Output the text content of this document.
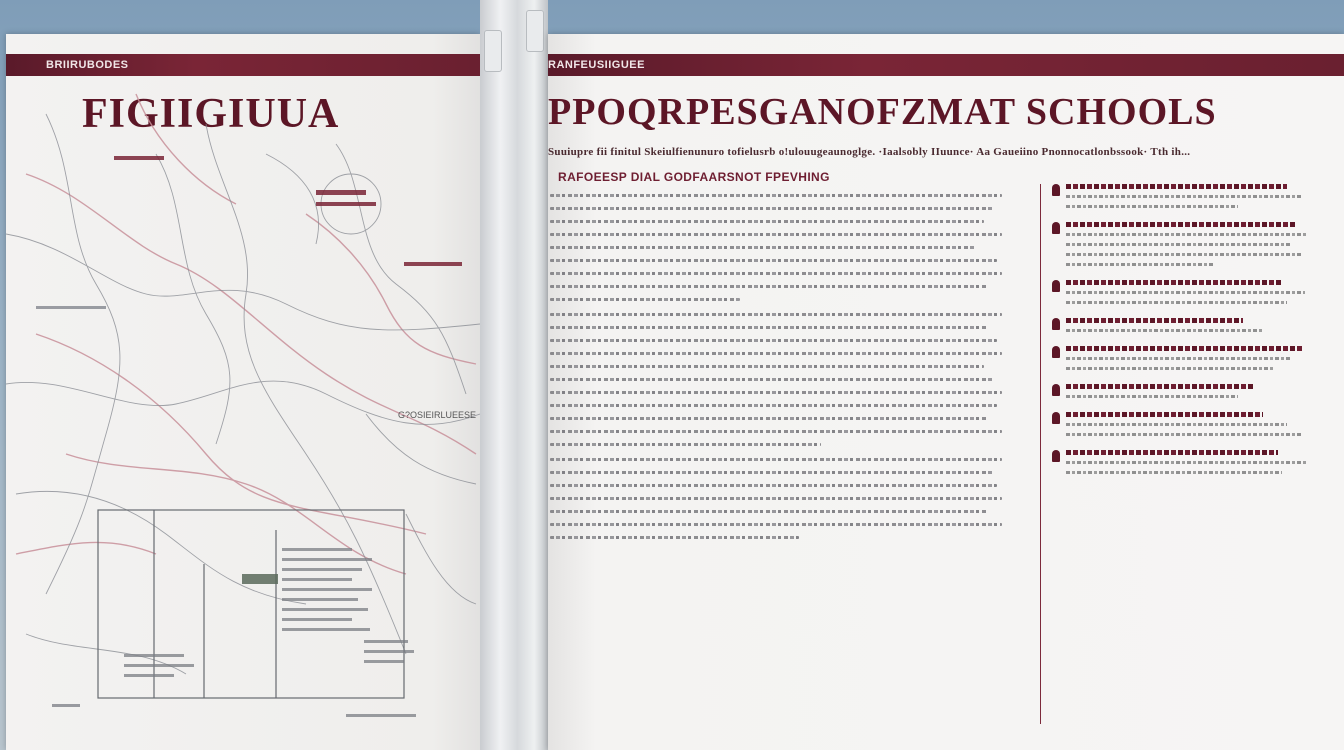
BRIIRUBODES
FIGIIGIUUA
G?OSIEIRLUEESE
RANFEUSIIGUEE
PPOQRPESGANOFZMAT SCHOOLS
Suuiupre fii finitul Skeiulfienunuro tofielusrb o!ulouugeaunoglge. ·Iaalsobly IIuunce· Aa Gaueiino Pnonnocatlonbssook· Tth ih...
RAFOEESP DIAL GODFAARSNOT FPEVHING
